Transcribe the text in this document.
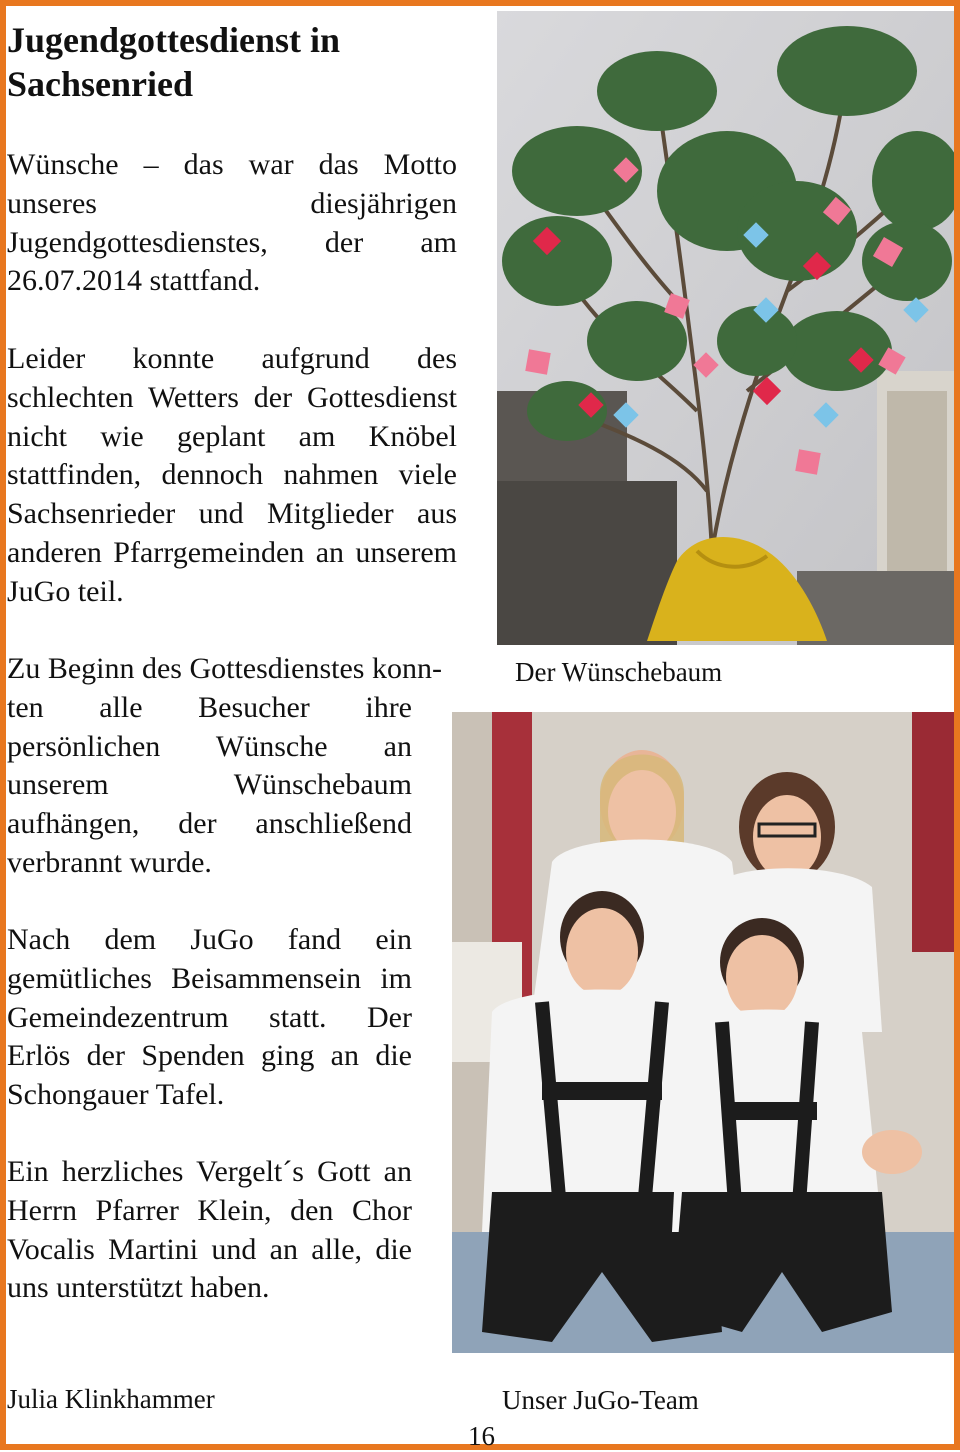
Jugendgottesdienst in Sachsenried

Wünsche – das war das Motto unseres diesjährigen Jugendgottesdienstes, der am 26.07.2014 stattfand.

Leider konnte aufgrund des schlechten Wetters der Gottesdienst nicht wie geplant am Knöbel stattfinden, dennoch nahmen viele Sachsenrieder und Mitglieder aus anderen Pfarrgemeinden an unserem JuGo teil.

Zu Beginn des Gottesdienstes konn-
ten alle Besucher ihre persönlichen Wünsche an unserem Wünschebaum aufhängen, der anschließend verbrannt wurde.

Nach dem JuGo fand ein gemütliches Beisammensein im Gemeindezentrum statt. Der Erlös der Spenden ging an die Schongauer Tafel.

Ein herzliches Vergelt´s Gott an Herrn Pfarrer Klein, den Chor Vocalis Martini und an alle, die uns unterstützt haben.

Der Wünschebaum

Unser JuGo-Team

Julia Klinkhammer
16
